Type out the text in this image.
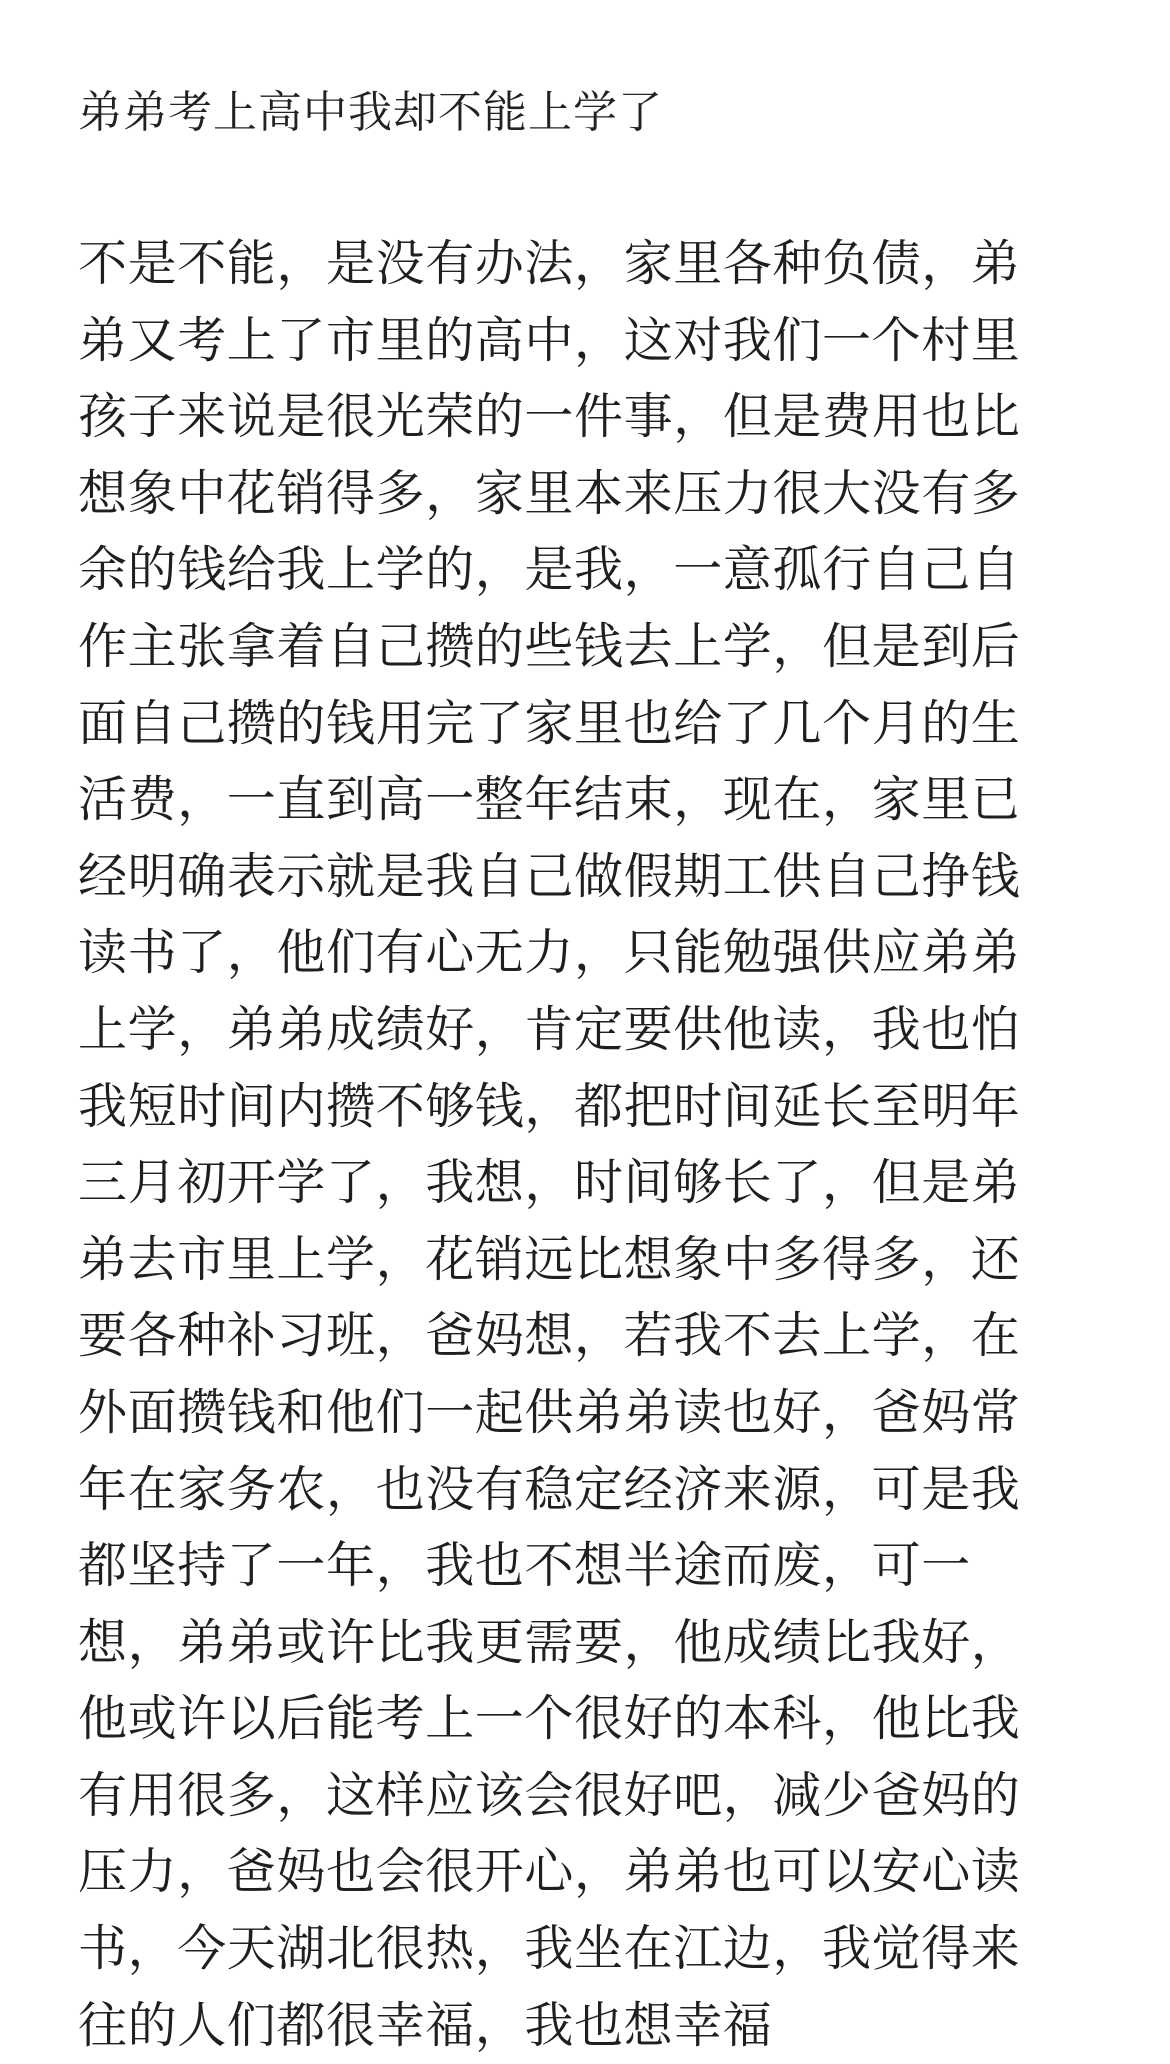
弟弟考上高中我却不能上学了
不是不能，是没有办法，家里各种负债，弟
弟又考上了市里的高中，这对我们一个村里
孩子来说是很光荣的一件事，但是费用也比
想象中花销得多，家里本来压力很大没有多
余的钱给我上学的，是我，一意孤行自己自
作主张拿着自己攒的些钱去上学，但是到后
面自己攒的钱用完了家里也给了几个月的生
活费，一直到高一整年结束，现在，家里已
经明确表示就是我自己做假期工供自己挣钱
读书了，他们有心无力，只能勉强供应弟弟
上学，弟弟成绩好，肯定要供他读，我也怕
我短时间内攒不够钱，都把时间延长至明年
三月初开学了，我想，时间够长了，但是弟
弟去市里上学，花销远比想象中多得多，还
要各种补习班，爸妈想，若我不去上学，在
外面攒钱和他们一起供弟弟读也好，爸妈常
年在家务农，也没有稳定经济来源，可是我
都坚持了一年，我也不想半途而废，可一
想，弟弟或许比我更需要，他成绩比我好，
他或许以后能考上一个很好的本科，他比我
有用很多，这样应该会很好吧，减少爸妈的
压力，爸妈也会很开心，弟弟也可以安心读
书，今天湖北很热，我坐在江边，我觉得来
往的人们都很幸福，我也想幸福
